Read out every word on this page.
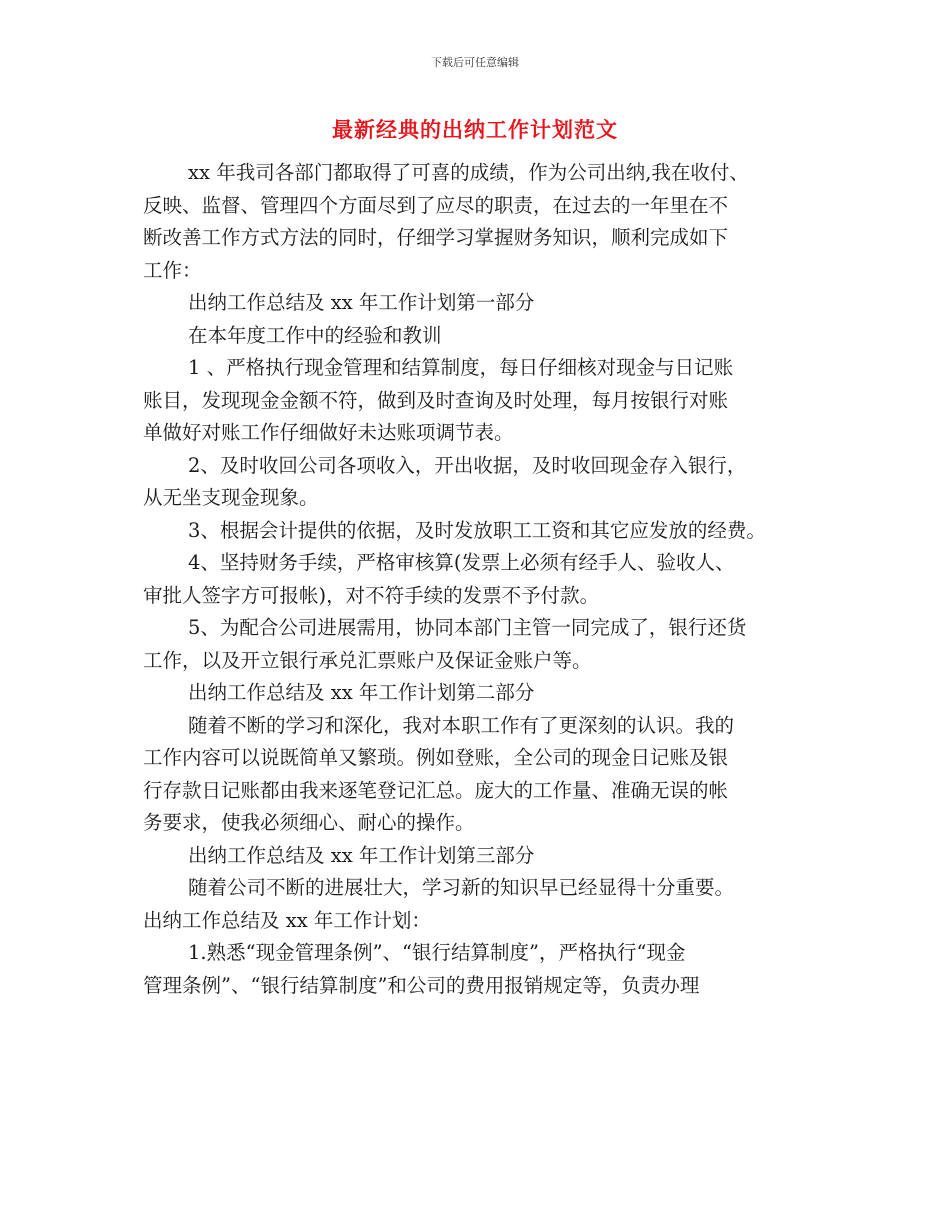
下载后可任意编辑
最新经典的出纳工作计划范文

xx 年我司各部门都取得了可喜的成绩，作为公司出纳,我在收付、

反映、监督、管理四个方面尽到了应尽的职责，在过去的一年里在不

断改善工作方式方法的同时，仔细学习掌握财务知识，顺利完成如下

工作：

出纳工作总结及 xx 年工作计划第一部分

在本年度工作中的经验和教训

1 、严格执行现金管理和结算制度，每日仔细核对现金与日记账

账目，发现现金金额不符，做到及时查询及时处理，每月按银行对账

单做好对账工作仔细做好未达账项调节表。

2、及时收回公司各项收入，开出收据，及时收回现金存入银行，

从无坐支现金现象。

3、根据会计提供的依据，及时发放职工工资和其它应发放的经费。

4、坚持财务手续，严格审核算(发票上必须有经手人、验收人、

审批人签字方可报帐)，对不符手续的发票不予付款。

5、为配合公司进展需用，协同本部门主管一同完成了，银行还货

工作，以及开立银行承兑汇票账户及保证金账户等。

出纳工作总结及 xx 年工作计划第二部分

随着不断的学习和深化，我对本职工作有了更深刻的认识。我的

工作内容可以说既简单又繁琐。例如登账，全公司的现金日记账及银

行存款日记账都由我来逐笔登记汇总。庞大的工作量、准确无误的帐

务要求，使我必须细心、耐心的操作。

出纳工作总结及 xx 年工作计划第三部分

随着公司不断的进展壮大，学习新的知识早已经显得十分重要。

出纳工作总结及 xx 年工作计划：

1.熟悉“现金管理条例”、“银行结算制度”，严格执行“现金

管理条例”、“银行结算制度”和公司的费用报销规定等，负责办理
